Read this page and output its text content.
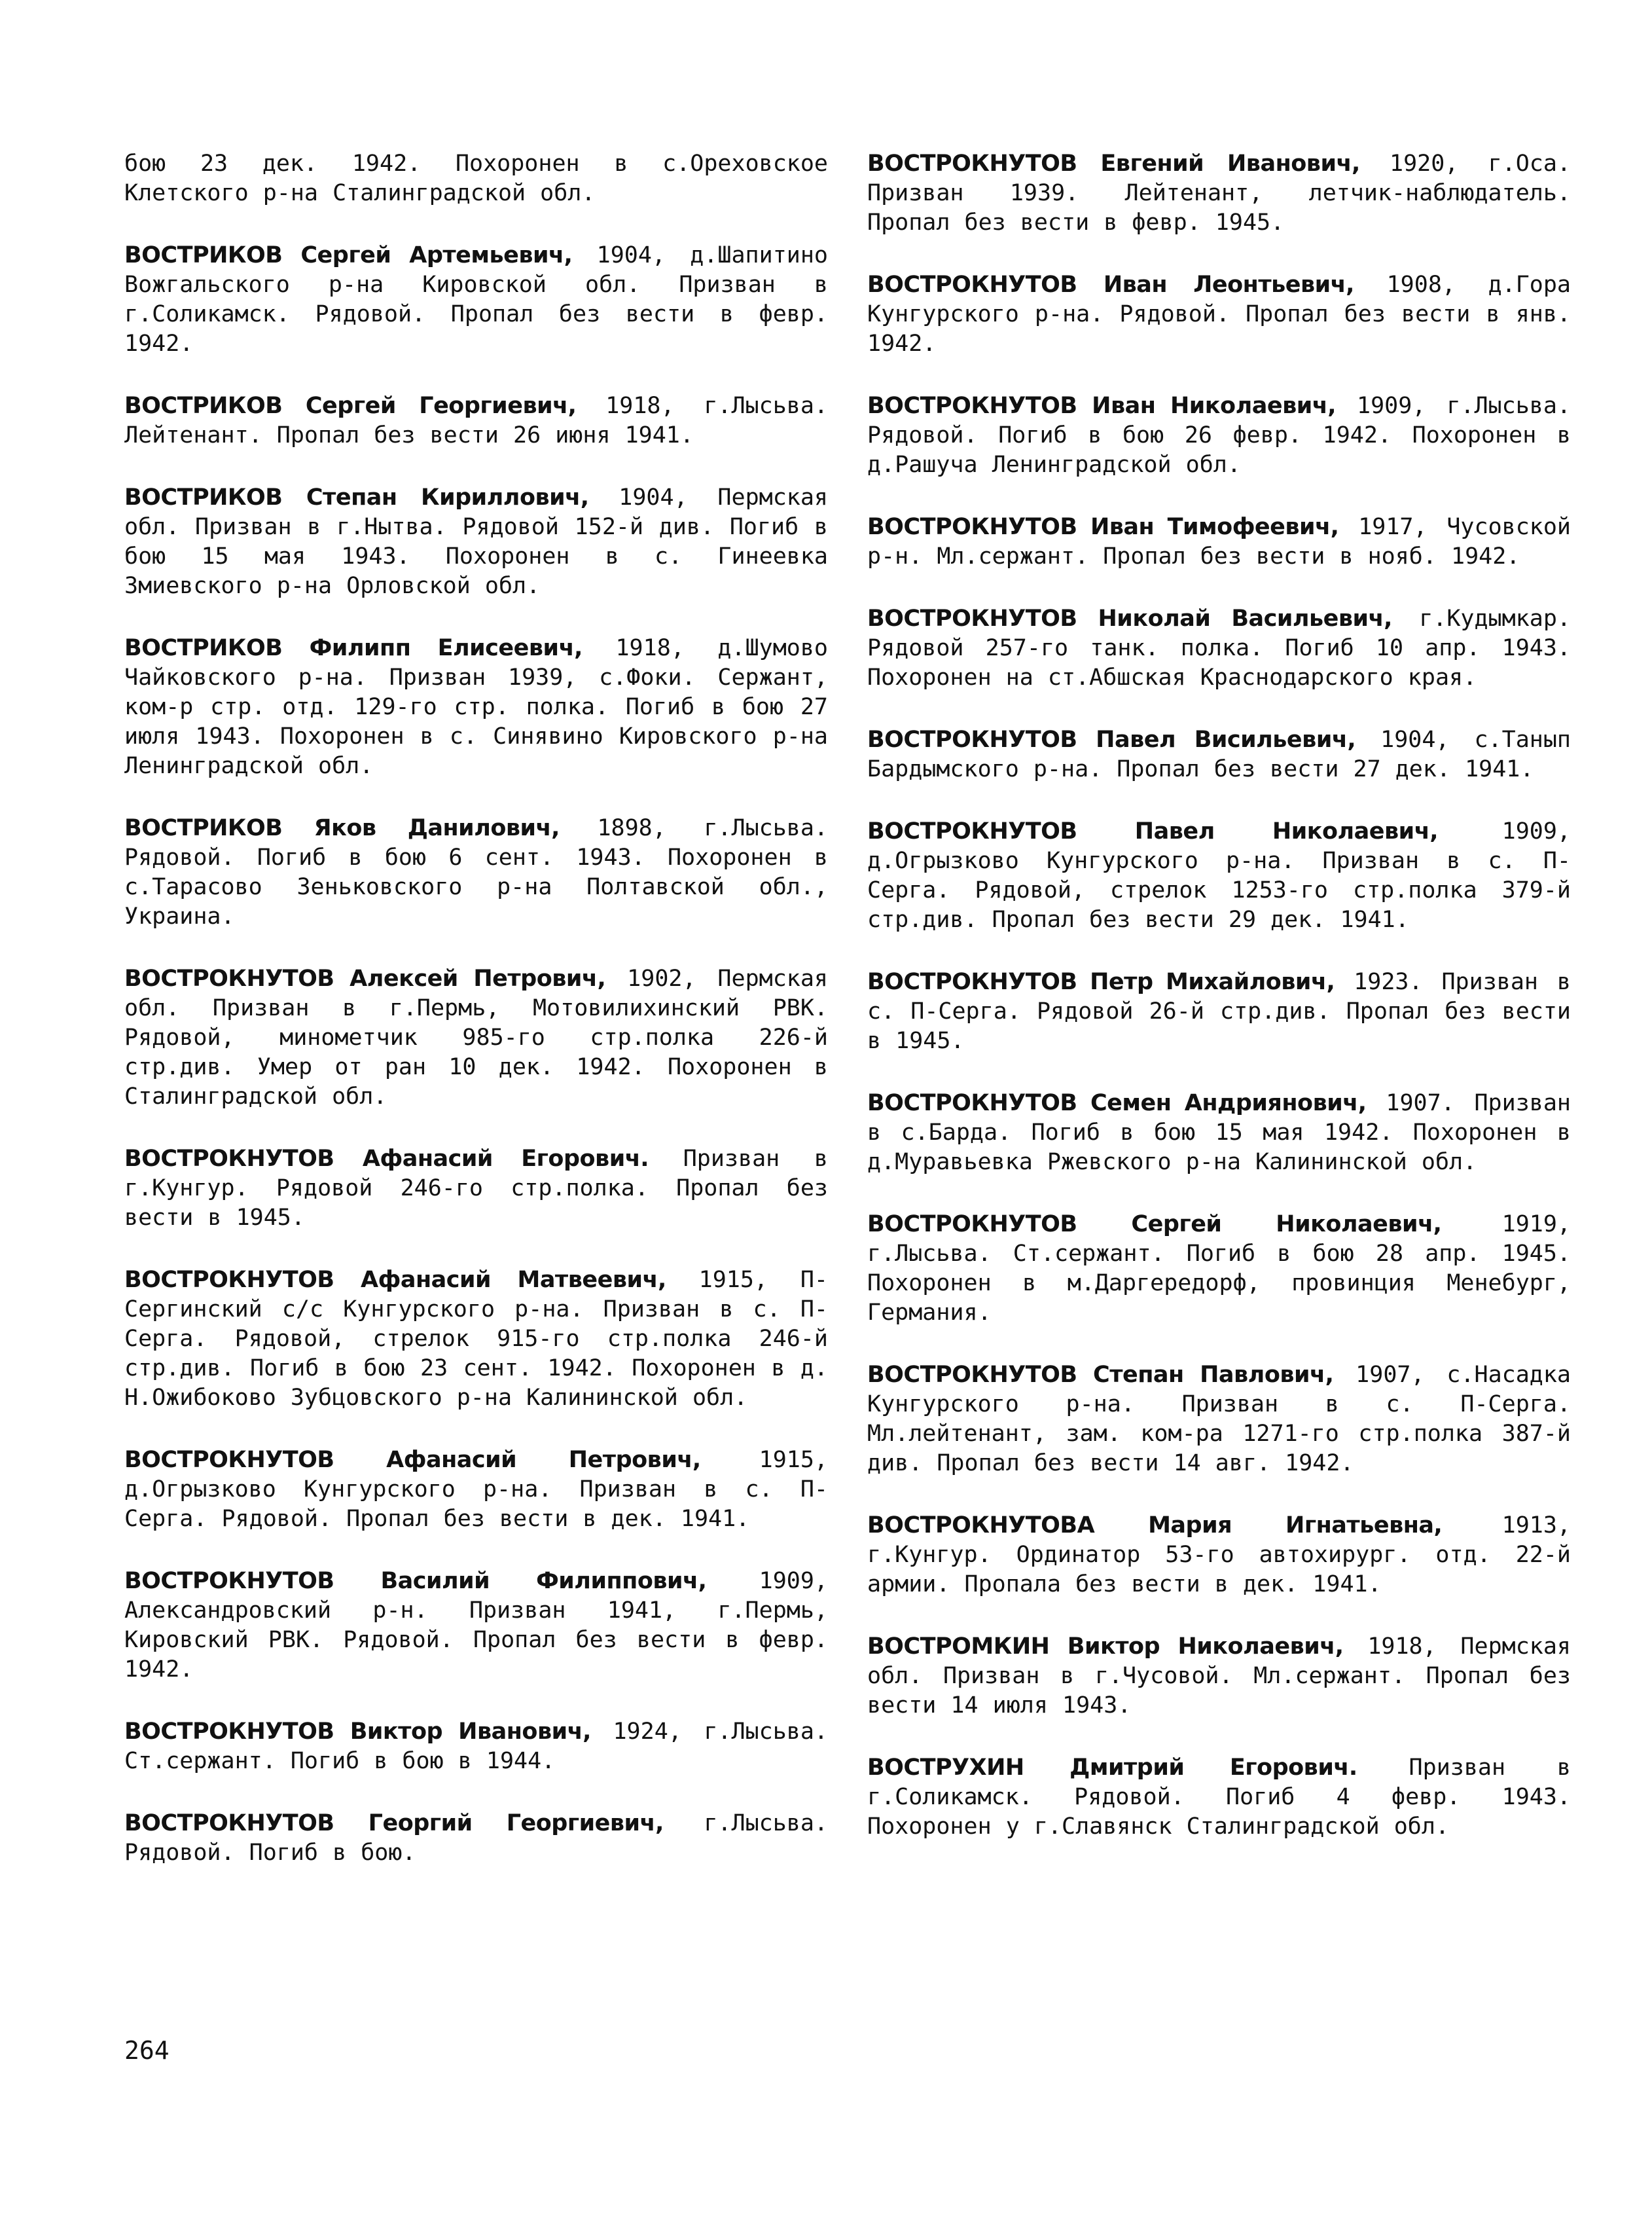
бою 23 дек. 1942. Похоронен в с.Ореховское Клетского р-на Сталинградской обл.

ВОСТРИКОВ Сергей Артемьевич, 1904, д.Шапитино Вожгальского р-на Кировской обл. Призван в г.Соликамск. Рядовой. Пропал без вести в февр. 1942.

ВОСТРИКОВ Сергей Георгиевич, 1918, г.Лысьва. Лейтенант. Пропал без вести 26 июня 1941.

ВОСТРИКОВ Степан Кириллович, 1904, Пермская обл. Призван в г.Нытва. Рядовой 152-й див. Погиб в бою 15 мая 1943. Похоронен в с. Гинеевка Змиевского р-на Орловской обл.

ВОСТРИКОВ Филипп Елисеевич, 1918, д.Шумово Чайковского р-на. Призван 1939, с.Фоки. Сержант, ком-р стр. отд. 129-го стр. полка. Погиб в бою 27 июля 1943. Похоронен в с. Синявино Кировского р-на Ленинградской обл.

ВОСТРИКОВ Яков Данилович, 1898, г.Лысьва. Рядовой. Погиб в бою 6 сент. 1943. Похоронен в с.Тарасово Зеньковского р-на Полтавской обл., Украина.

ВОСТРОКНУТОВ Алексей Петрович, 1902, Пермская обл. Призван в г.Пермь, Мотовилихинский РВК. Рядовой, минометчик 985-го стр.полка 226-й стр.див. Умер от ран 10 дек. 1942. Похоронен в Сталинградской обл.

ВОСТРОКНУТОВ Афанасий Егорович. Призван в г.Кунгур. Рядовой 246-го стр.полка. Пропал без вести в 1945.

ВОСТРОКНУТОВ Афанасий Матвеевич, 1915, П-Сергинский с/с Кунгурского р-на. Призван в с. П-Серга. Рядовой, стрелок 915-го стр.полка 246-й стр.див. Погиб в бою 23 сент. 1942. Похоронен в д. Н.Ожибоково Зубцовского р-на Калининской обл.

ВОСТРОКНУТОВ Афанасий Петрович, 1915, д.Огрызково Кунгурского р-на. Призван в с. П-Серга. Рядовой. Пропал без вести в дек. 1941.

ВОСТРОКНУТОВ Василий Филиппович, 1909, Александровский р-н. Призван 1941, г.Пермь, Кировский РВК. Рядовой. Пропал без вести в февр. 1942.

ВОСТРОКНУТОВ Виктор Иванович, 1924, г.Лысьва. Ст.сержант. Погиб в бою в 1944.

ВОСТРОКНУТОВ Георгий Георгиевич, г.Лысьва. Рядовой. Погиб в бою.

ВОСТРОКНУТОВ Евгений Иванович, 1920, г.Оса. Призван 1939. Лейтенант, летчик-наблюдатель. Пропал без вести в февр. 1945.

ВОСТРОКНУТОВ Иван Леонтьевич, 1908, д.Гора Кунгурского р-на. Рядовой. Пропал без вести в янв. 1942.

ВОСТРОКНУТОВ Иван Николаевич, 1909, г.Лысьва. Рядовой. Погиб в бою 26 февр. 1942. Похоронен в д.Рашуча Ленинградской обл.

ВОСТРОКНУТОВ Иван Тимофеевич, 1917, Чусовской р-н. Мл.сержант. Пропал без вести в нояб. 1942.

ВОСТРОКНУТОВ Николай Васильевич, г.Кудымкар. Рядовой 257-го танк. полка. Погиб 10 апр. 1943. Похоронен на ст.Абшская Краснодарского края.

ВОСТРОКНУТОВ Павел Висильевич, 1904, с.Танып Бардымского р-на. Пропал без вести 27 дек. 1941.

ВОСТРОКНУТОВ Павел Николаевич, 1909, д.Огрызково Кунгурского р-на. Призван в с. П-Серга. Рядовой, стрелок 1253-го стр.полка 379-й стр.див. Пропал без вести 29 дек. 1941.

ВОСТРОКНУТОВ Петр Михайлович, 1923. Призван в с. П-Серга. Рядовой 26-й стр.див. Пропал без вести в 1945.

ВОСТРОКНУТОВ Семен Андриянович, 1907. Призван в с.Барда. Погиб в бою 15 мая 1942. Похоронен в д.Муравьевка Ржевского р-на Калининской обл.

ВОСТРОКНУТОВ Сергей Николаевич, 1919, г.Лысьва. Ст.сержант. Погиб в бою 28 апр. 1945. Похоронен в м.Даргередорф, провинция Менебург, Германия.

ВОСТРОКНУТОВ Степан Павлович, 1907, с.Насадка Кунгурского р-на. Призван в с. П-Серга. Мл.лейтенант, зам. ком-ра 1271-го стр.полка 387-й див. Пропал без вести 14 авг. 1942.

ВОСТРОКНУТОВА Мария Игнатьевна, 1913, г.Кунгур. Ординатор 53-го автохирург. отд. 22-й армии. Пропала без вести в дек. 1941.

ВОСТРОМКИН Виктор Николаевич, 1918, Пермская обл. Призван в г.Чусовой. Мл.сержант. Пропал без вести 14 июля 1943.

ВОСТРУХИН Дмитрий Егорович. Призван в г.Соликамск. Рядовой. Погиб 4 февр. 1943. Похоронен у г.Славянск Сталинградской обл.

264
